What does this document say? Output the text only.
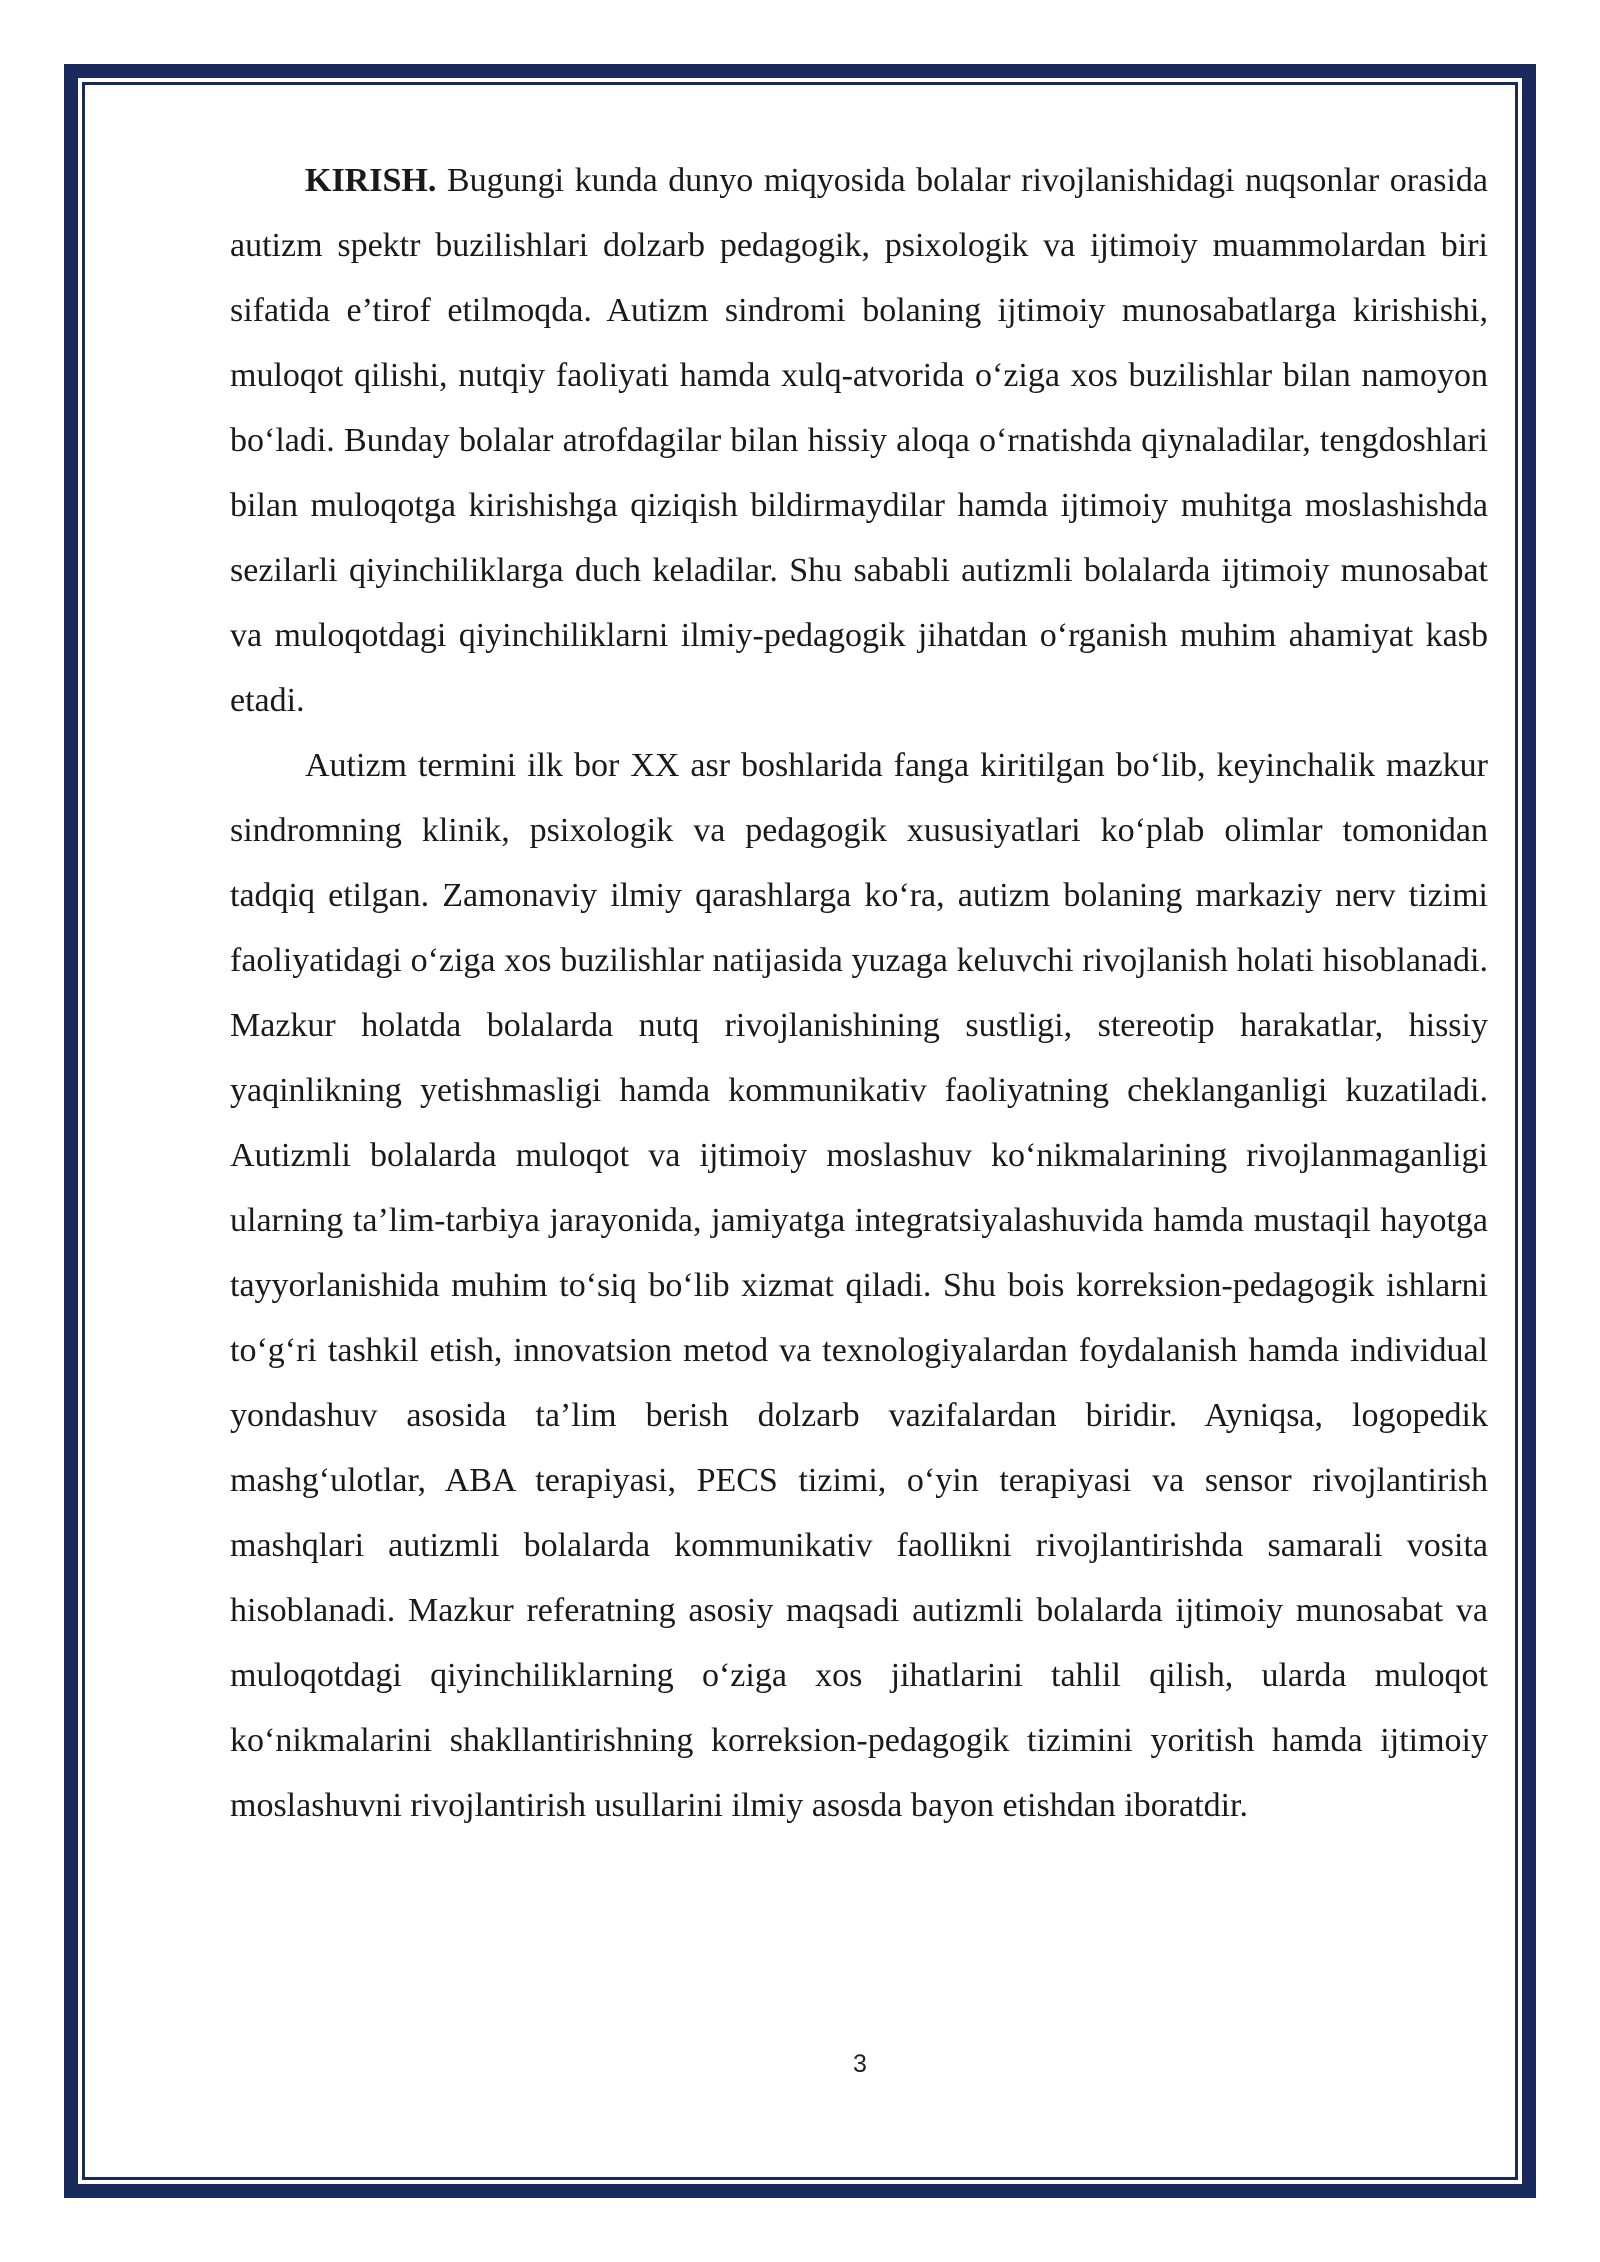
KIRISH. Bugungi kunda dunyo miqyosida bolalar rivojlanishidagi nuqsonlar orasida autizm spektr buzilishlari dolzarb pedagogik, psixologik va ijtimoiy muammolardan biri sifatida e’tirof etilmoqda. Autizm sindromi bolaning ijtimoiy munosabatlarga kirishishi, muloqot qilishi, nutqiy faoliyati hamda xulq-atvorida o‘ziga xos buzilishlar bilan namoyon bo‘ladi. Bunday bolalar atrofdagilar bilan hissiy aloqa o‘rnatishda qiynaladilar, tengdoshlari bilan muloqotga kirishishga qiziqish bildirmaydilar hamda ijtimoiy muhitga moslashishda sezilarli qiyinchiliklarga duch keladilar. Shu sababli autizmli bolalarda ijtimoiy munosabat va muloqotdagi qiyinchiliklarni ilmiy-pedagogik jihatdan o‘rganish muhim ahamiyat kasb etadi.

Autizm termini ilk bor XX asr boshlarida fanga kiritilgan bo‘lib, keyinchalik mazkur sindromning klinik, psixologik va pedagogik xususiyatlari ko‘plab olimlar tomonidan tadqiq etilgan. Zamonaviy ilmiy qarashlarga ko‘ra, autizm bolaning markaziy nerv tizimi faoliyatidagi o‘ziga xos buzilishlar natijasida yuzaga keluvchi rivojlanish holati hisoblanadi. Mazkur holatda bolalarda nutq rivojlanishining sustligi, stereotip harakatlar, hissiy yaqinlikning yetishmasligi hamda kommunikativ faoliyatning cheklanganligi kuzatiladi. Autizmli bolalarda muloqot va ijtimoiy moslashuv ko‘nikmalarining rivojlanmaganligi ularning ta’lim-tarbiya jarayonida, jamiyatga integratsiyalashuvida hamda mustaqil hayotga tayyorlanishida muhim to‘siq bo‘lib xizmat qiladi. Shu bois korreksion-pedagogik ishlarni to‘g‘ri tashkil etish, innovatsion metod va texnologiyalardan foydalanish hamda individual yondashuv asosida ta’lim berish dolzarb vazifalardan biridir. Ayniqsa, logopedik mashg‘ulotlar, ABA terapiyasi, PECS tizimi, o‘yin terapiyasi va sensor rivojlantirish mashqlari autizmli bolalarda kommunikativ faollikni rivojlantirishda samarali vosita hisoblanadi. Mazkur referatning asosiy maqsadi autizmli bolalarda ijtimoiy munosabat va muloqotdagi qiyinchiliklarning o‘ziga xos jihatlarini tahlil qilish, ularda muloqot ko‘nikmalarini shakllantirishning korreksion-pedagogik tizimini yoritish hamda ijtimoiy moslashuvni rivojlantirish usullarini ilmiy asosda bayon etishdan iboratdir.

3
